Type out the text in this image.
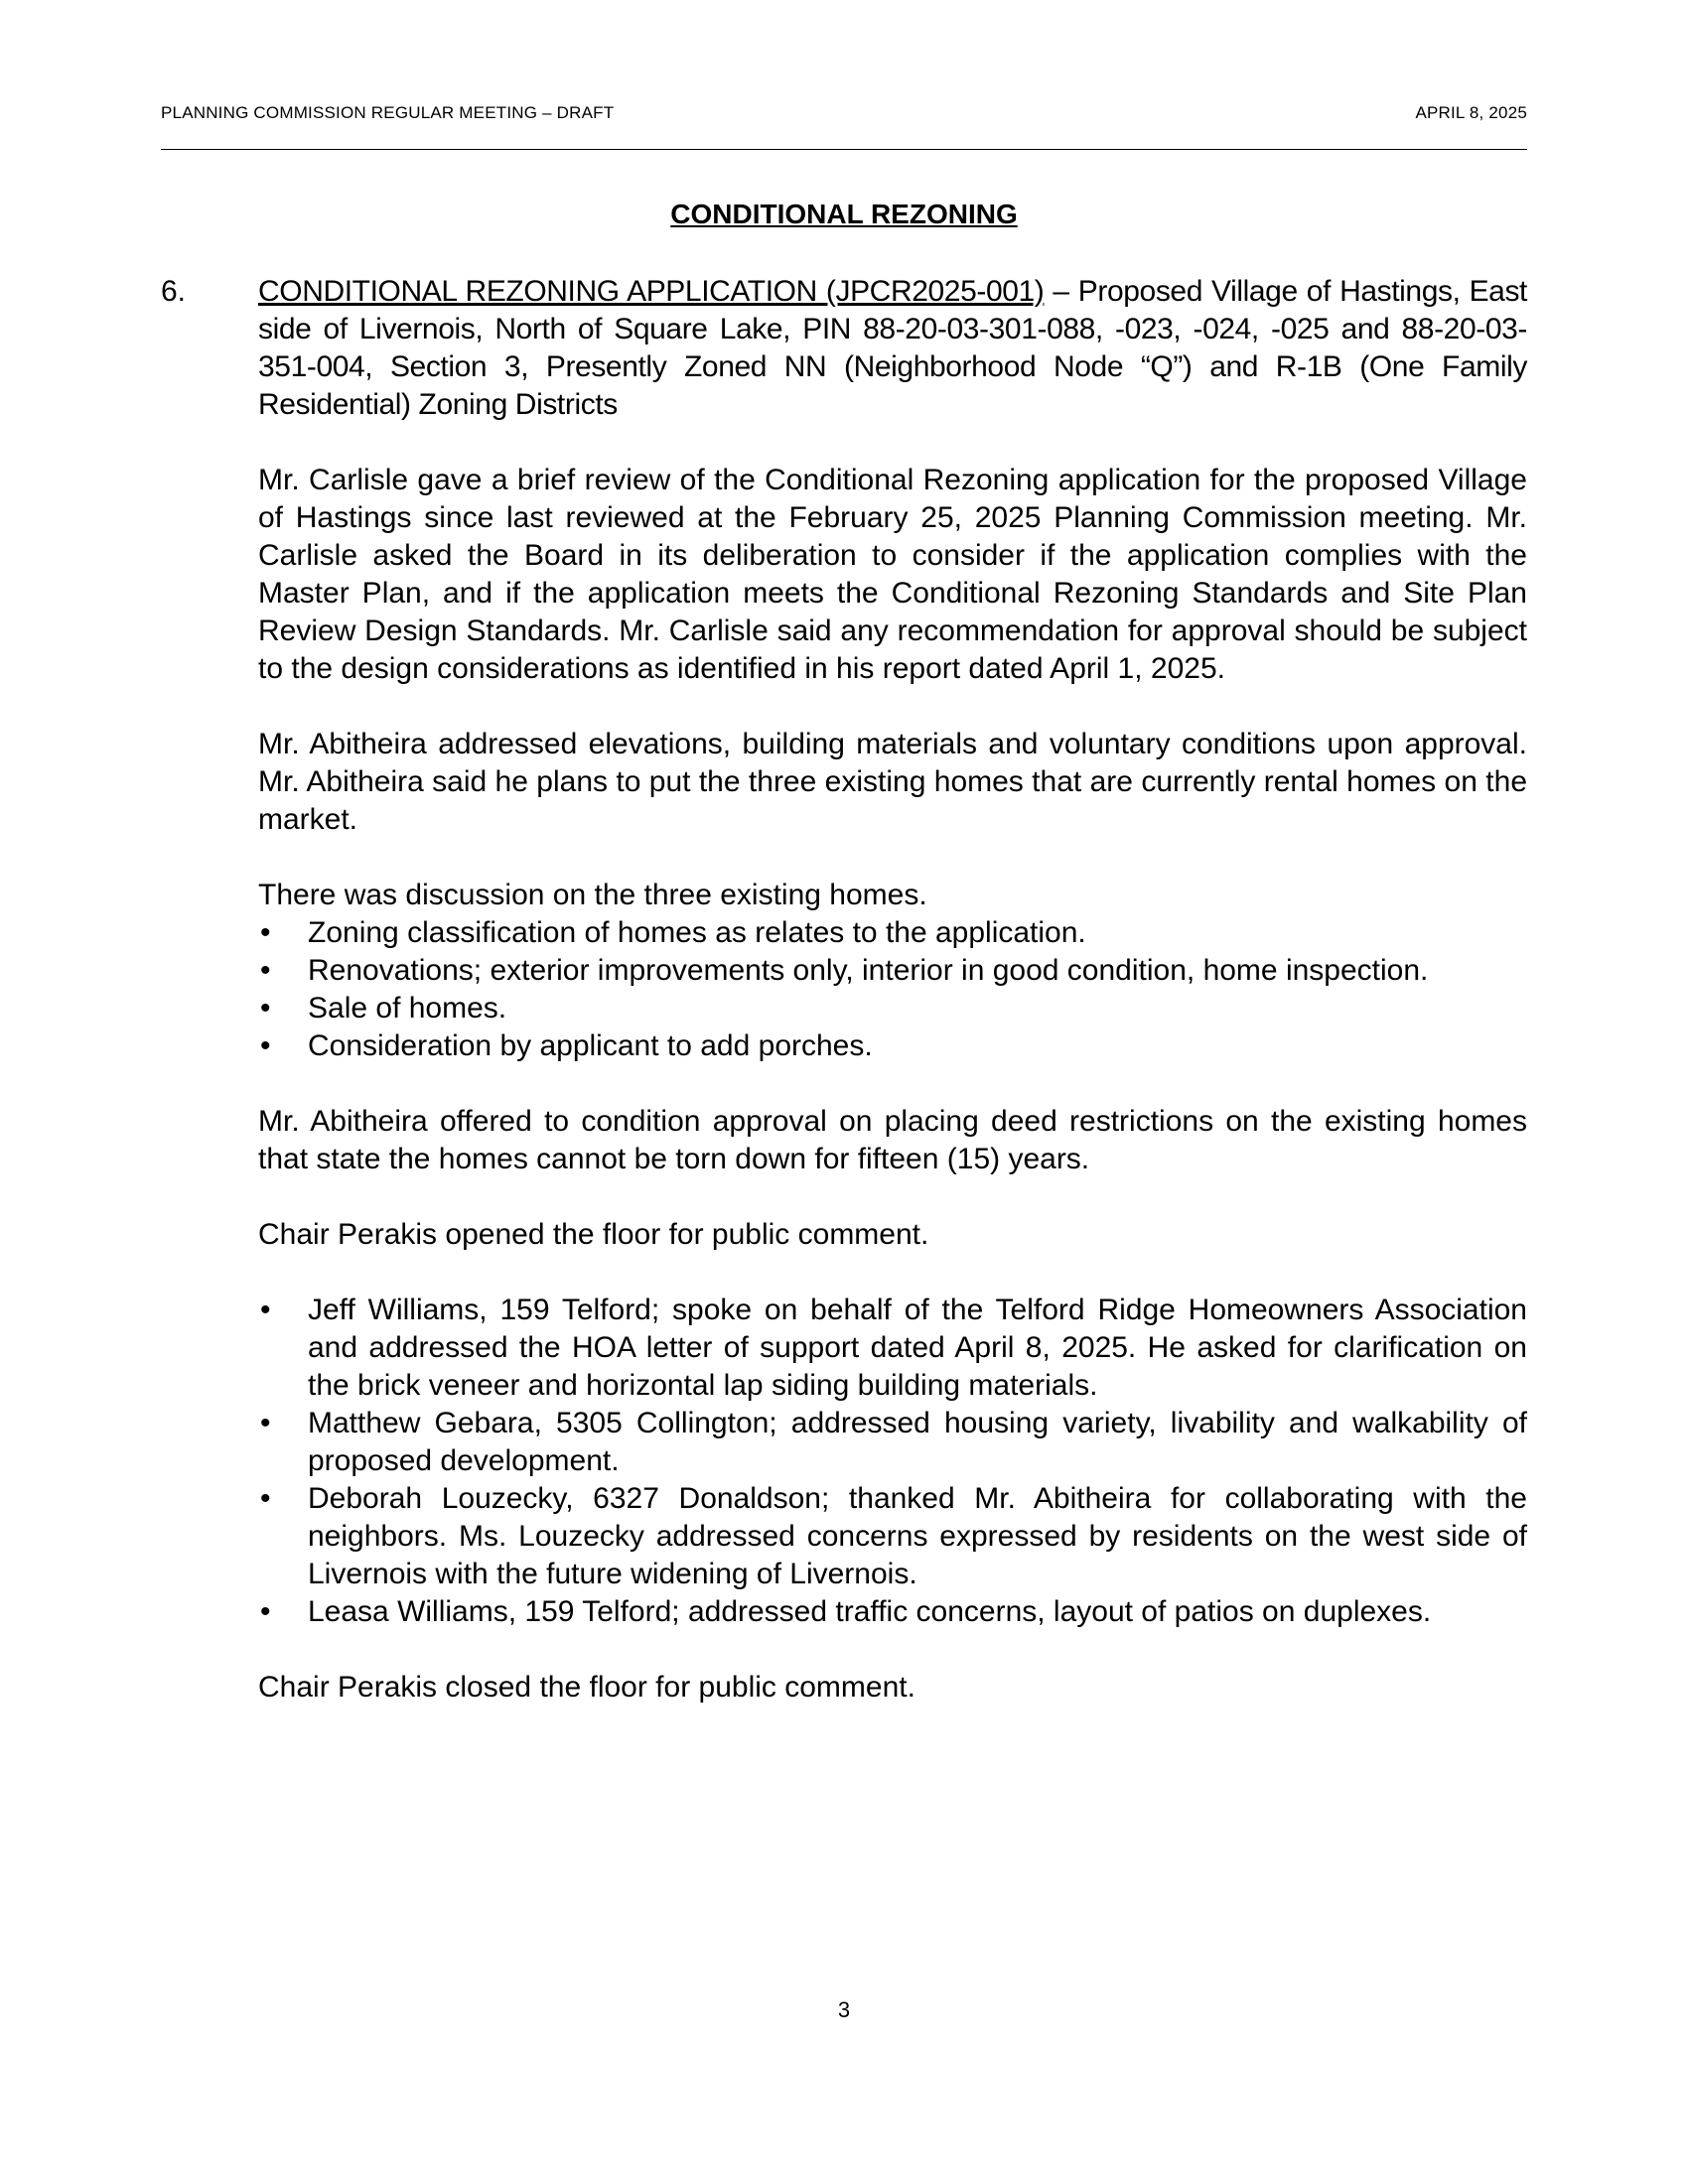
PLANNING COMMISSION REGULAR MEETING – DRAFT	APRIL 8, 2025
CONDITIONAL REZONING
6. CONDITIONAL REZONING APPLICATION (JPCR2025-001) – Proposed Village of Hastings, East side of Livernois, North of Square Lake, PIN 88-20-03-301-088, -023, -024, -025 and 88-20-03-351-004, Section 3, Presently Zoned NN (Neighborhood Node “Q”) and R-1B (One Family Residential) Zoning Districts

Mr. Carlisle gave a brief review of the Conditional Rezoning application for the proposed Village of Hastings since last reviewed at the February 25, 2025 Planning Commission meeting. Mr. Carlisle asked the Board in its deliberation to consider if the application complies with the Master Plan, and if the application meets the Conditional Rezoning Standards and Site Plan Review Design Standards. Mr. Carlisle said any recommendation for approval should be subject to the design considerations as identified in his report dated April 1, 2025.

Mr. Abitheira addressed elevations, building materials and voluntary conditions upon approval. Mr. Abitheira said he plans to put the three existing homes that are currently rental homes on the market.

There was discussion on the three existing homes.

• Zoning classification of homes as relates to the application.
• Renovations; exterior improvements only, interior in good condition, home inspection.
• Sale of homes.
• Consideration by applicant to add porches.

Mr. Abitheira offered to condition approval on placing deed restrictions on the existing homes that state the homes cannot be torn down for fifteen (15) years.

Chair Perakis opened the floor for public comment.

• Jeff Williams, 159 Telford; spoke on behalf of the Telford Ridge Homeowners Association and addressed the HOA letter of support dated April 8, 2025. He asked for clarification on the brick veneer and horizontal lap siding building materials.
• Matthew Gebara, 5305 Collington; addressed housing variety, livability and walkability of proposed development.
• Deborah Louzecky, 6327 Donaldson; thanked Mr. Abitheira for collaborating with the neighbors. Ms. Louzecky addressed concerns expressed by residents on the west side of Livernois with the future widening of Livernois.
• Leasa Williams, 159 Telford; addressed traffic concerns, layout of patios on duplexes.

Chair Perakis closed the floor for public comment.

3
